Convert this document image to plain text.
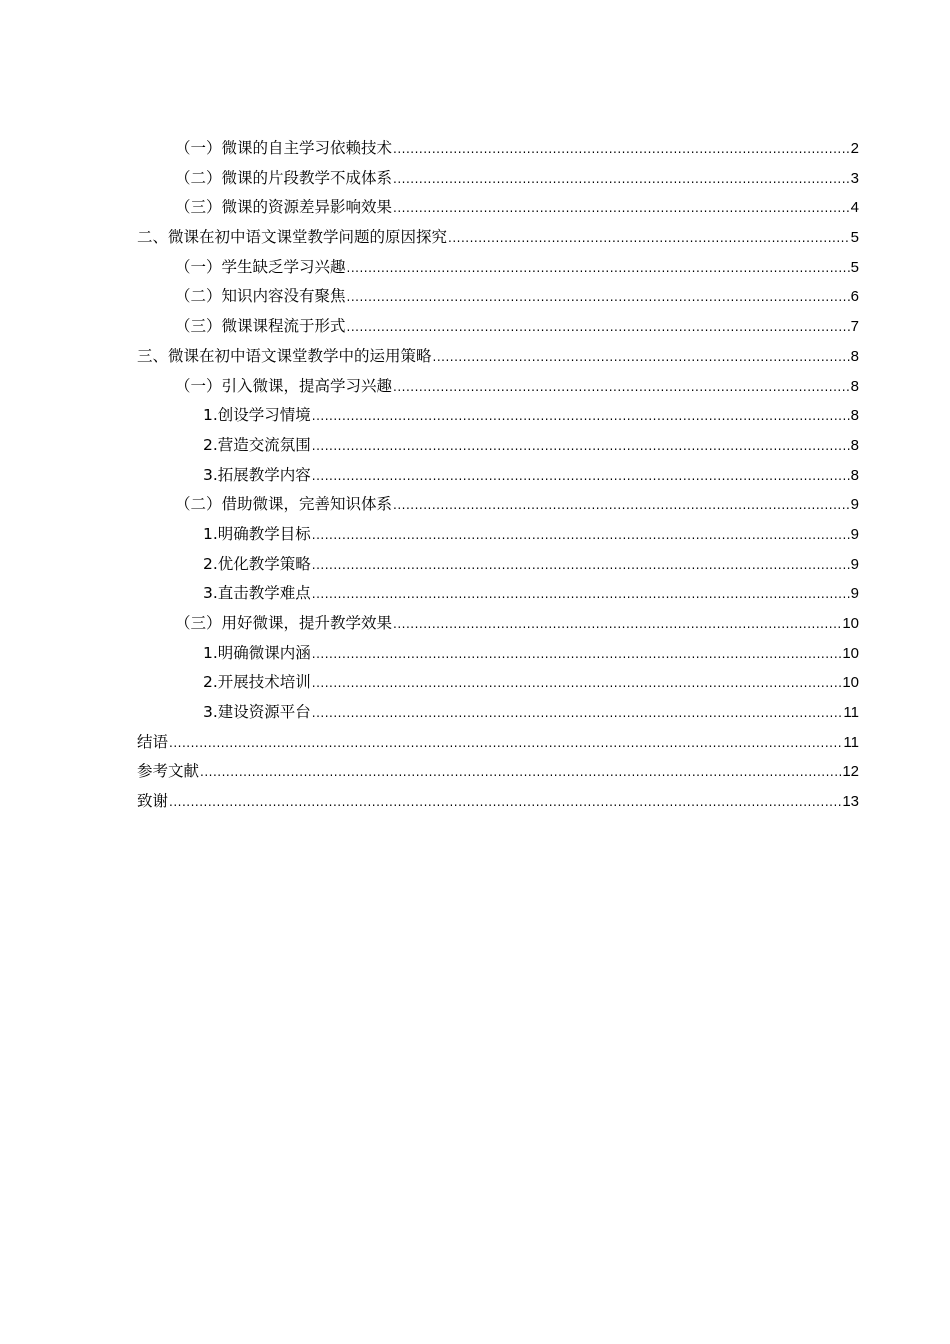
（一）微课的自主学习依赖技术 .....	2
（二）微课的片段教学不成体系 .....	3
（三）微课的资源差异影响效果 .....	4
二、微课在初中语文课堂教学问题的原因探究 .....	5
（一）学生缺乏学习兴趣 .....	5
（二）知识内容没有聚焦 .....	6
（三）微课课程流于形式 .....	7
三、微课在初中语文课堂教学中的运用策略 .....	8
（一）引入微课，提高学习兴趣 .....	8
1.创设学习情境 .....	8
2.营造交流氛围 .....	8
3.拓展教学内容 .....	8
（二）借助微课，完善知识体系 .....	9
1.明确教学目标 .....	9
2.优化教学策略 .....	9
3.直击教学难点 .....	9
（三）用好微课，提升教学效果 .....	10
1.明确微课内涵 .....	10
2.开展技术培训 .....	10
3.建设资源平台 .....	11
结语 .....	11
参考文献 .....	12
致谢 .....	13
